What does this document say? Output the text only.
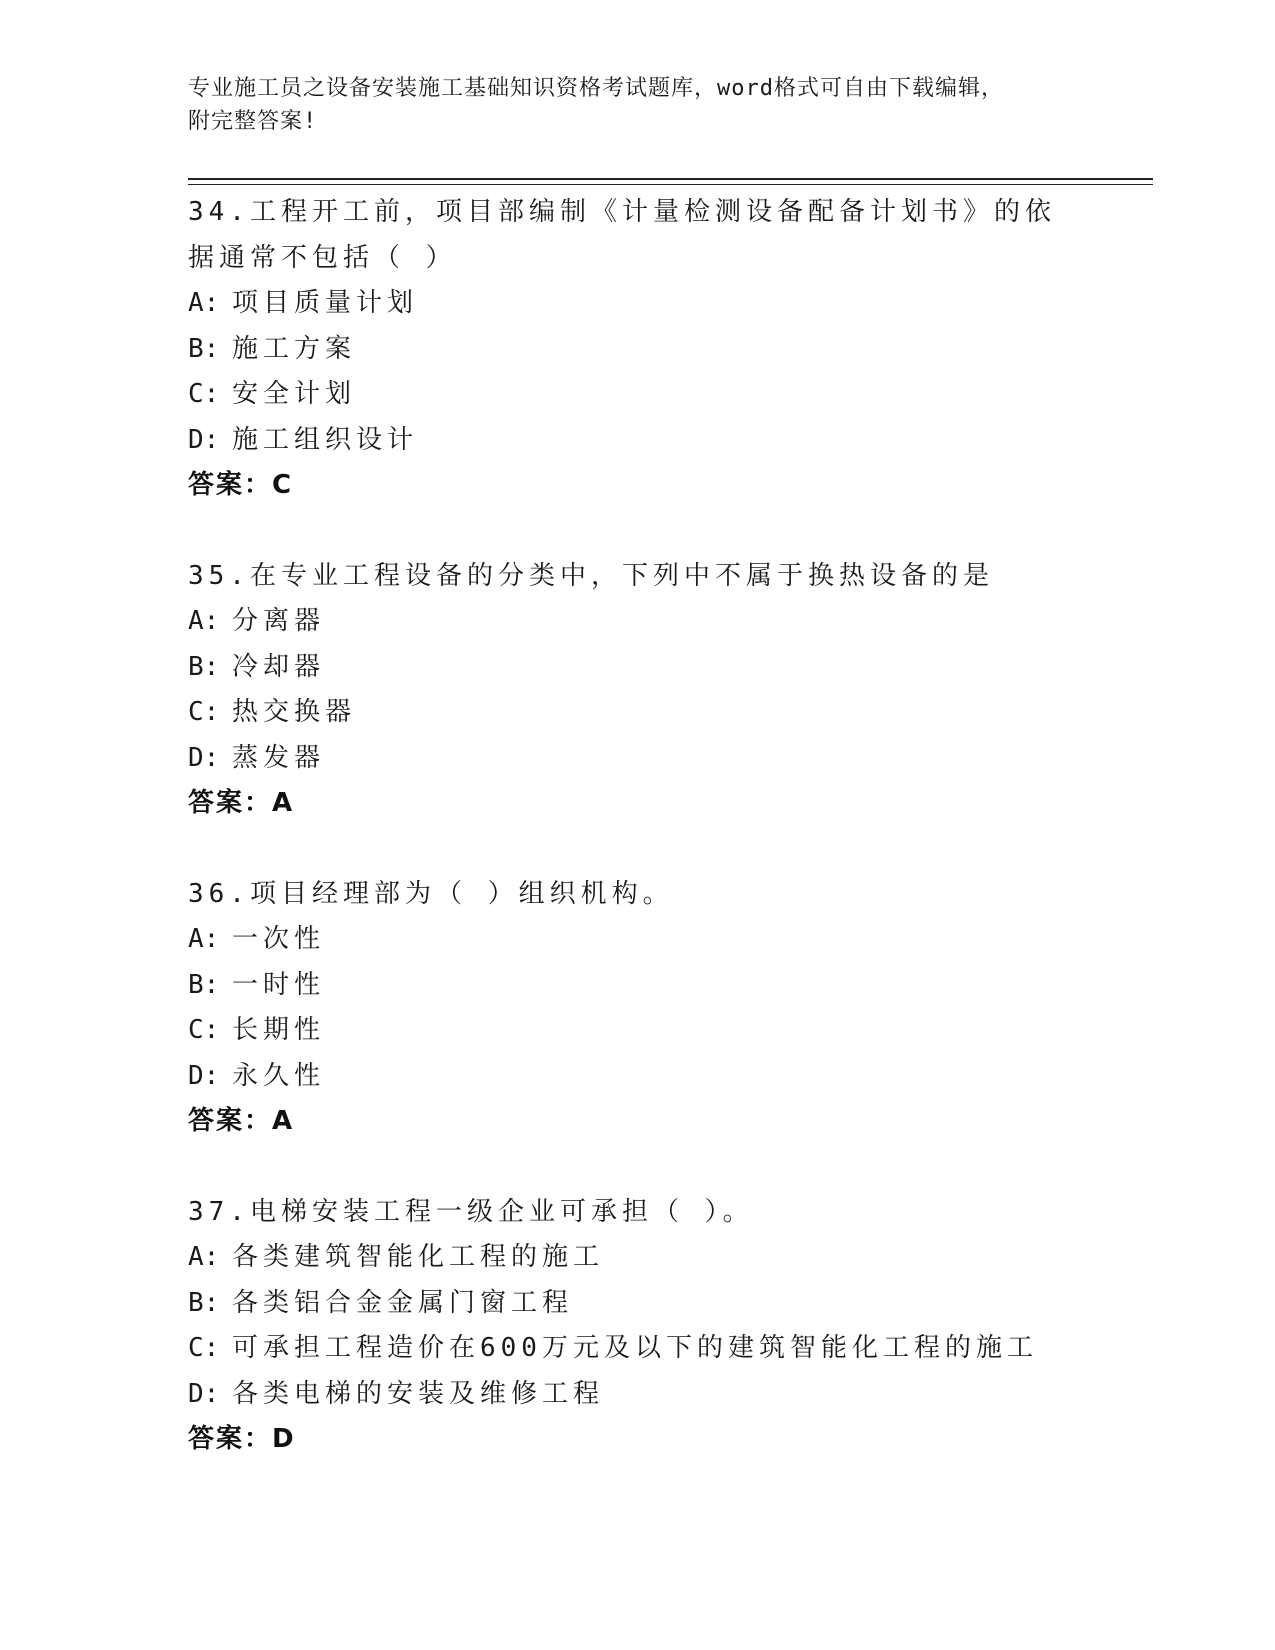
专业施工员之设备安装施工基础知识资格考试题库，word格式可自由下载编辑，
附完整答案!
34.工程开工前，项目部编制《计量检测设备配备计划书》的依据通常不包括（ ）
A: 项目质量计划
B: 施工方案
C: 安全计划
D: 施工组织设计
答案：C
35.在专业工程设备的分类中，下列中不属于换热设备的是
A: 分离器
B: 冷却器
C: 热交换器
D: 蒸发器
答案：A
36.项目经理部为（ ）组织机构。
A: 一次性
B: 一时性
C: 长期性
D: 永久性
答案：A
37.电梯安装工程一级企业可承担（ ）。
A: 各类建筑智能化工程的施工
B: 各类铝合金金属门窗工程
C: 可承担工程造价在600万元及以下的建筑智能化工程的施工
D: 各类电梯的安装及维修工程
答案：D
